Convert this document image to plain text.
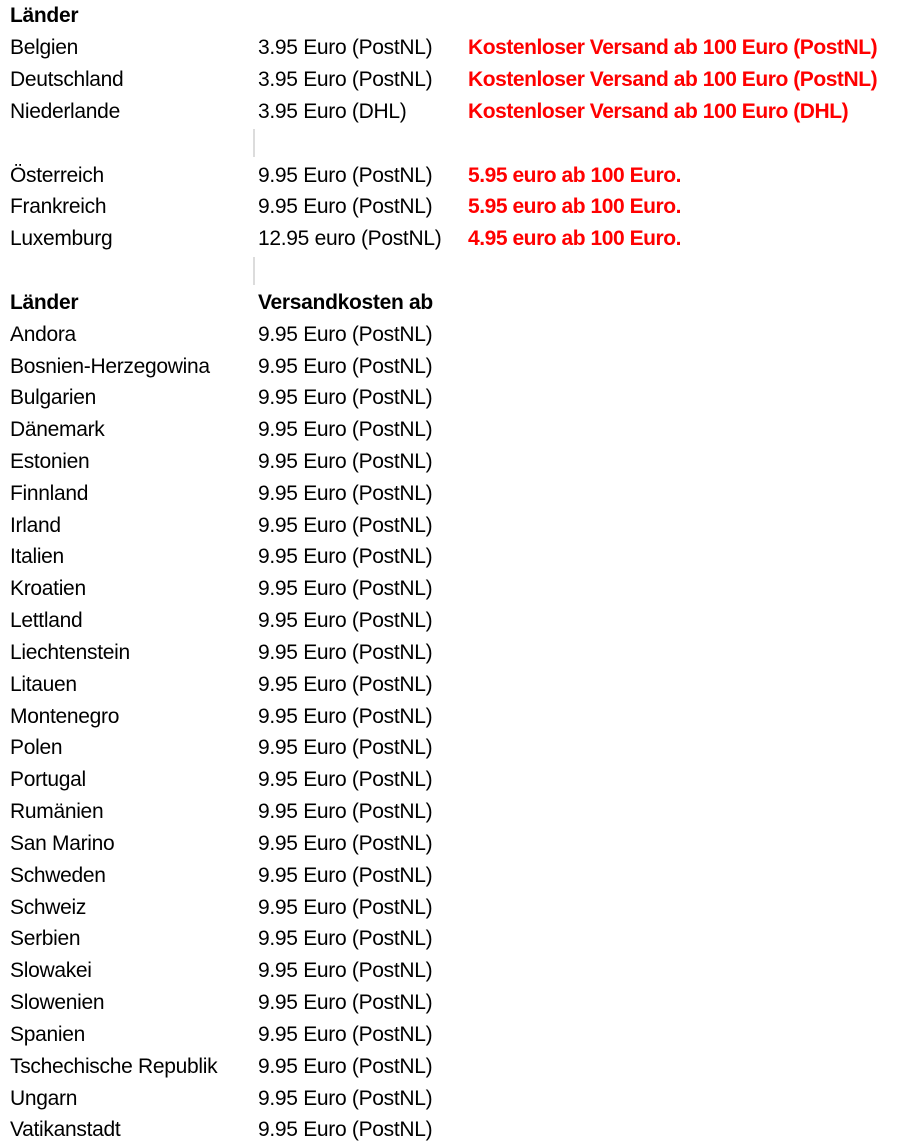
Länder		
Belgien	3.95 Euro (PostNL)	Kostenloser Versand ab 100 Euro (PostNL)
Deutschland	3.95 Euro (PostNL)	Kostenloser Versand ab 100 Euro (PostNL)
Niederlande	3.95 Euro (DHL)	Kostenloser Versand ab 100 Euro (DHL)

Österreich	9.95 Euro (PostNL)	5.95 euro ab 100 Euro.
Frankreich	9.95 Euro (PostNL)	5.95 euro ab 100 Euro.
Luxemburg	12.95 euro (PostNL)	4.95 euro ab 100 Euro.

Länder	Versandkosten ab	
Andora	9.95 Euro (PostNL)	
Bosnien-Herzegowina	9.95 Euro (PostNL)	
Bulgarien	9.95 Euro (PostNL)	
Dänemark	9.95 Euro (PostNL)	
Estonien	9.95 Euro (PostNL)	
Finnland	9.95 Euro (PostNL)	
Irland	9.95 Euro (PostNL)	
Italien	9.95 Euro (PostNL)	
Kroatien	9.95 Euro (PostNL)	
Lettland	9.95 Euro (PostNL)	
Liechtenstein	9.95 Euro (PostNL)	
Litauen	9.95 Euro (PostNL)	
Montenegro	9.95 Euro (PostNL)	
Polen	9.95 Euro (PostNL)	
Portugal	9.95 Euro (PostNL)	
Rumänien	9.95 Euro (PostNL)	
San Marino	9.95 Euro (PostNL)	
Schweden	9.95 Euro (PostNL)	
Schweiz	9.95 Euro (PostNL)	
Serbien	9.95 Euro (PostNL)	
Slowakei	9.95 Euro (PostNL)	
Slowenien	9.95 Euro (PostNL)	
Spanien	9.95 Euro (PostNL)	
Tschechische Republik	9.95 Euro (PostNL)	
Ungarn	9.95 Euro (PostNL)	
Vatikanstadt	9.95 Euro (PostNL)	
